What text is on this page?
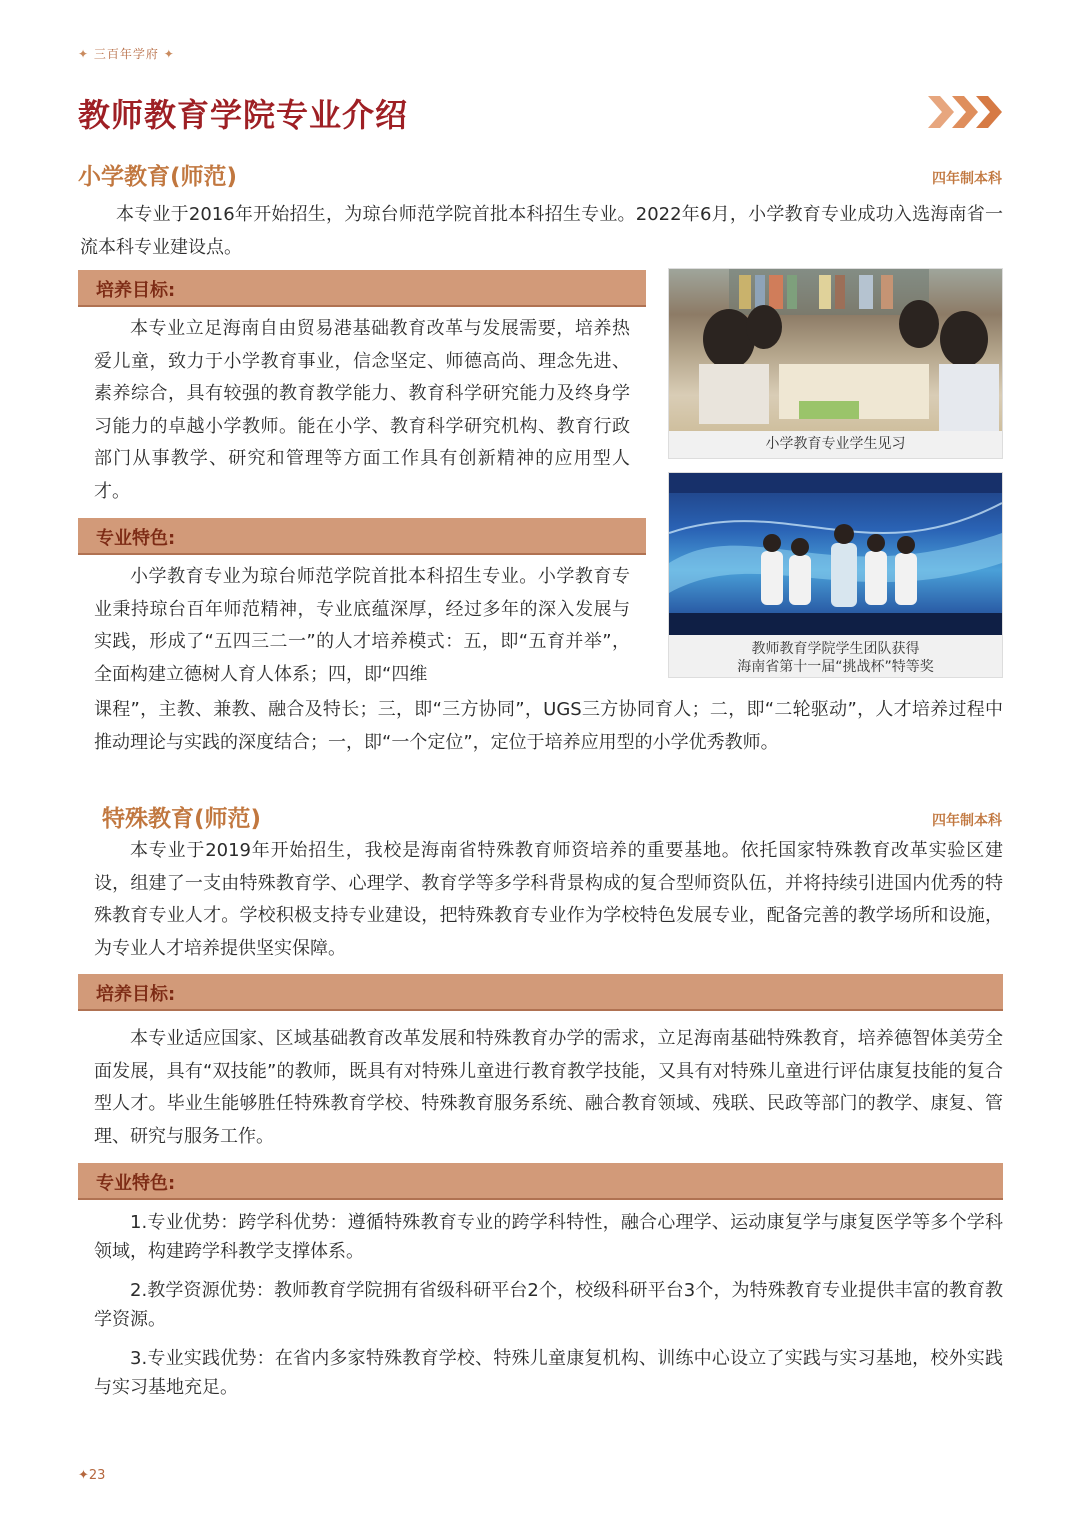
✦ 三百年学府 ✦
教师教育学院专业介绍
小学教育(师范)	四年制本科
本专业于2016年开始招生，为琼台师范学院首批本科招生专业。2022年6月，小学教育专业成功入选海南省一流本科专业建设点。
培养目标:
本专业立足海南自由贸易港基础教育改革与发展需要，培养热爱儿童，致力于小学教育事业，信念坚定、师德高尚、理念先进、素养综合，具有较强的教育教学能力、教育科学研究能力及终身学习能力的卓越小学教师。能在小学、教育科学研究机构、教育行政部门从事教学、研究和管理等方面工作具有创新精神的应用型人才。
专业特色:
小学教育专业为琼台师范学院首批本科招生专业。小学教育专业秉持琼台百年师范精神，专业底蕴深厚，经过多年的深入发展与实践，形成了“五四三二一”的人才培养模式：五，即“五育并举”，全面构建立德树人育人体系；四，即“四维
课程”，主教、兼教、融合及特长；三，即“三方协同”，UGS三方协同育人；二，即“二轮驱动”，人才培养过程中推动理论与实践的深度结合；一，即“一个定位”，定位于培养应用型的小学优秀教师。
小学教育专业学生见习
教师教育学院学生团队获得
海南省第十一届“挑战杯”特等奖
特殊教育(师范)	四年制本科
本专业于2019年开始招生，我校是海南省特殊教育师资培养的重要基地。依托国家特殊教育改革实验区建设，组建了一支由特殊教育学、心理学、教育学等多学科背景构成的复合型师资队伍，并将持续引进国内优秀的特殊教育专业人才。学校积极支持专业建设，把特殊教育专业作为学校特色发展专业，配备完善的教学场所和设施，为专业人才培养提供坚实保障。
培养目标:
本专业适应国家、区域基础教育改革发展和特殊教育办学的需求，立足海南基础特殊教育，培养德智体美劳全面发展，具有“双技能”的教师，既具有对特殊儿童进行教育教学技能，又具有对特殊儿童进行评估康复技能的复合型人才。毕业生能够胜任特殊教育学校、特殊教育服务系统、融合教育领域、残联、民政等部门的教学、康复、管理、研究与服务工作。
专业特色:
1.专业优势：跨学科优势：遵循特殊教育专业的跨学科特性，融合心理学、运动康复学与康复医学等多个学科领域，构建跨学科教学支撑体系。
2.教学资源优势：教师教育学院拥有省级科研平台2个，校级科研平台3个，为特殊教育专业提供丰富的教育教学资源。
3.专业实践优势：在省内多家特殊教育学校、特殊儿童康复机构、训练中心设立了实践与实习基地，校外实践与实习基地充足。
✦23
